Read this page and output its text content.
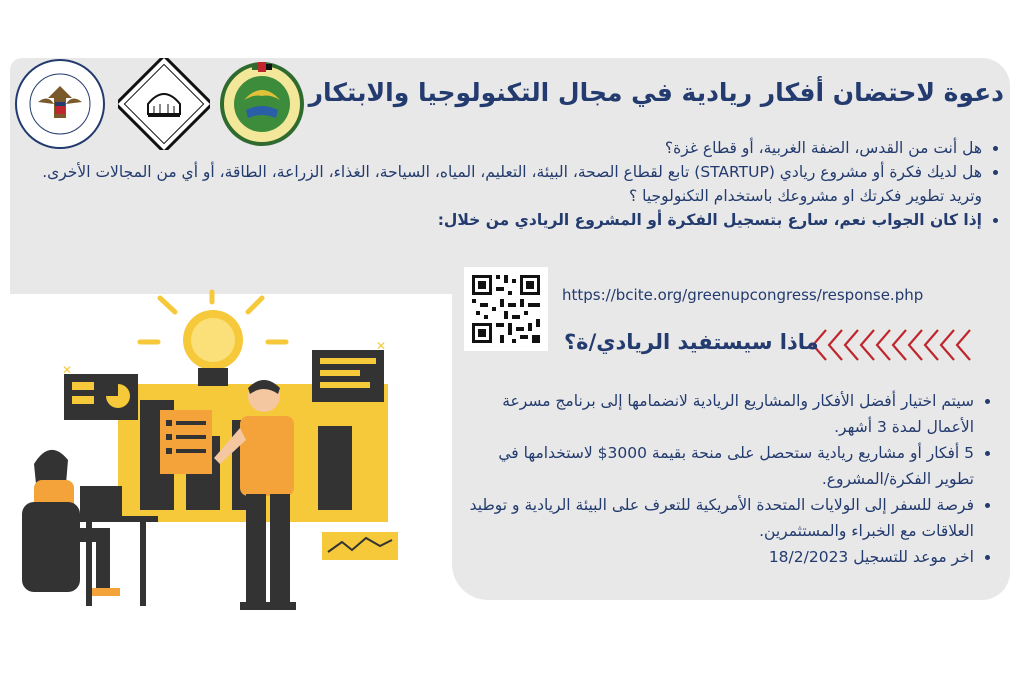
دعوة لاحتضان أفكار ريادية في مجال التكنولوجيا والابتكار
• هل أنت من القدس، الضفة الغربية، أو قطاع غزة؟
• هل لديك فكرة أو مشروع ريادي (STARTUP) تابع لقطاع الصحة، البيئة، التعليم، المياه، السياحة، الغذاء، الزراعة، الطاقة، أو أي من المجالات الأخرى. وتريد تطوير فكرتك او مشروعك باستخدام التكنولوجيا ؟
• إذا كان الجواب نعم، سارع بتسجيل الفكرة أو المشروع الريادي من خلال:
https://bcite.org/greenupcongress/response.php
ماذا سيستفيد الريادي/ة؟
• سيتم اختيار أفضل الأفكار والمشاريع الريادية لانضمامها إلى برنامج مسرعة الأعمال لمدة 3 أشهر.
• 5 أفكار أو مشاريع ريادية ستحصل على منحة بقيمة 3000$ لاستخدامها في تطوير الفكرة/المشروع.
• فرصة للسفر إلى الولايات المتحدة الأمريكية للتعرف على البيئة الريادية و توطيد العلاقات مع الخبراء والمستثمرين.
• اخر موعد للتسجيل 18/2/2023
✕
✕
